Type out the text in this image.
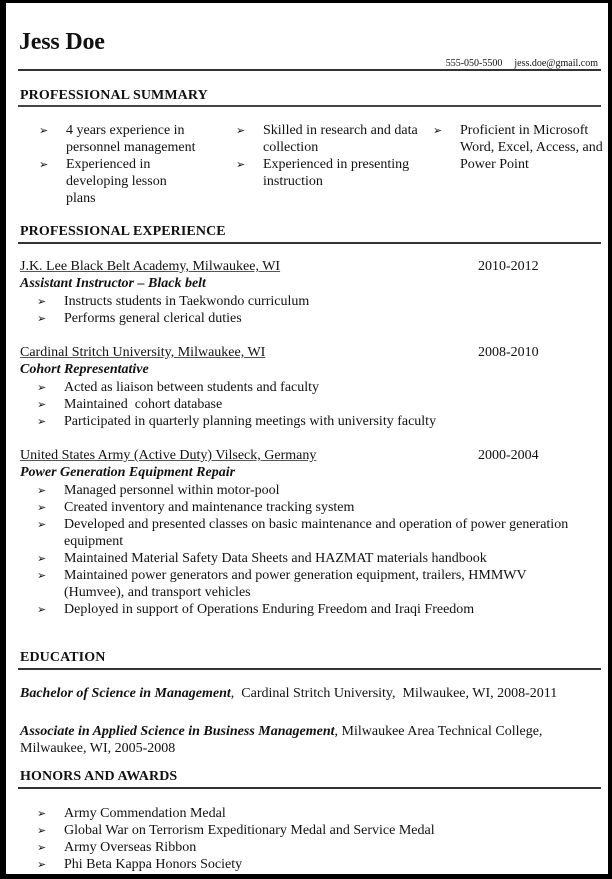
Jess Doe
555-050-5500 jess.doe@gmail.com
PROFESSIONAL SUMMARY
➢ 4 years experience in personnel management
➢ Experienced in developing lesson plans
➢ Skilled in research and data collection
➢ Experienced in presenting instruction
➢ Proficient in Microsoft Word, Excel, Access, and Power Point
PROFESSIONAL EXPERIENCE
J.K. Lee Black Belt Academy, Milwaukee, WI	2010-2012
Assistant Instructor – Black belt
➢ Instructs students in Taekwondo curriculum
➢ Performs general clerical duties
Cardinal Stritch University, Milwaukee, WI	2008-2010
Cohort Representative
➢ Acted as liaison between students and faculty
➢ Maintained  cohort database
➢ Participated in quarterly planning meetings with university faculty
United States Army (Active Duty) Vilseck, Germany	2000-2004
Power Generation Equipment Repair
➢ Managed personnel within motor-pool
➢ Created inventory and maintenance tracking system
➢ Developed and presented classes on basic maintenance and operation of power generation equipment
➢ Maintained Material Safety Data Sheets and HAZMAT materials handbook
➢ Maintained power generators and power generation equipment, trailers, HMMWV (Humvee), and transport vehicles
➢ Deployed in support of Operations Enduring Freedom and Iraqi Freedom
EDUCATION
Bachelor of Science in Management,  Cardinal Stritch University,  Milwaukee, WI, 2008-2011
Associate in Applied Science in Business Management, Milwaukee Area Technical College, Milwaukee, WI, 2005-2008
HONORS AND AWARDS
➢ Army Commendation Medal
➢ Global War on Terrorism Expeditionary Medal and Service Medal
➢ Army Overseas Ribbon
➢ Phi Beta Kappa Honors Society
